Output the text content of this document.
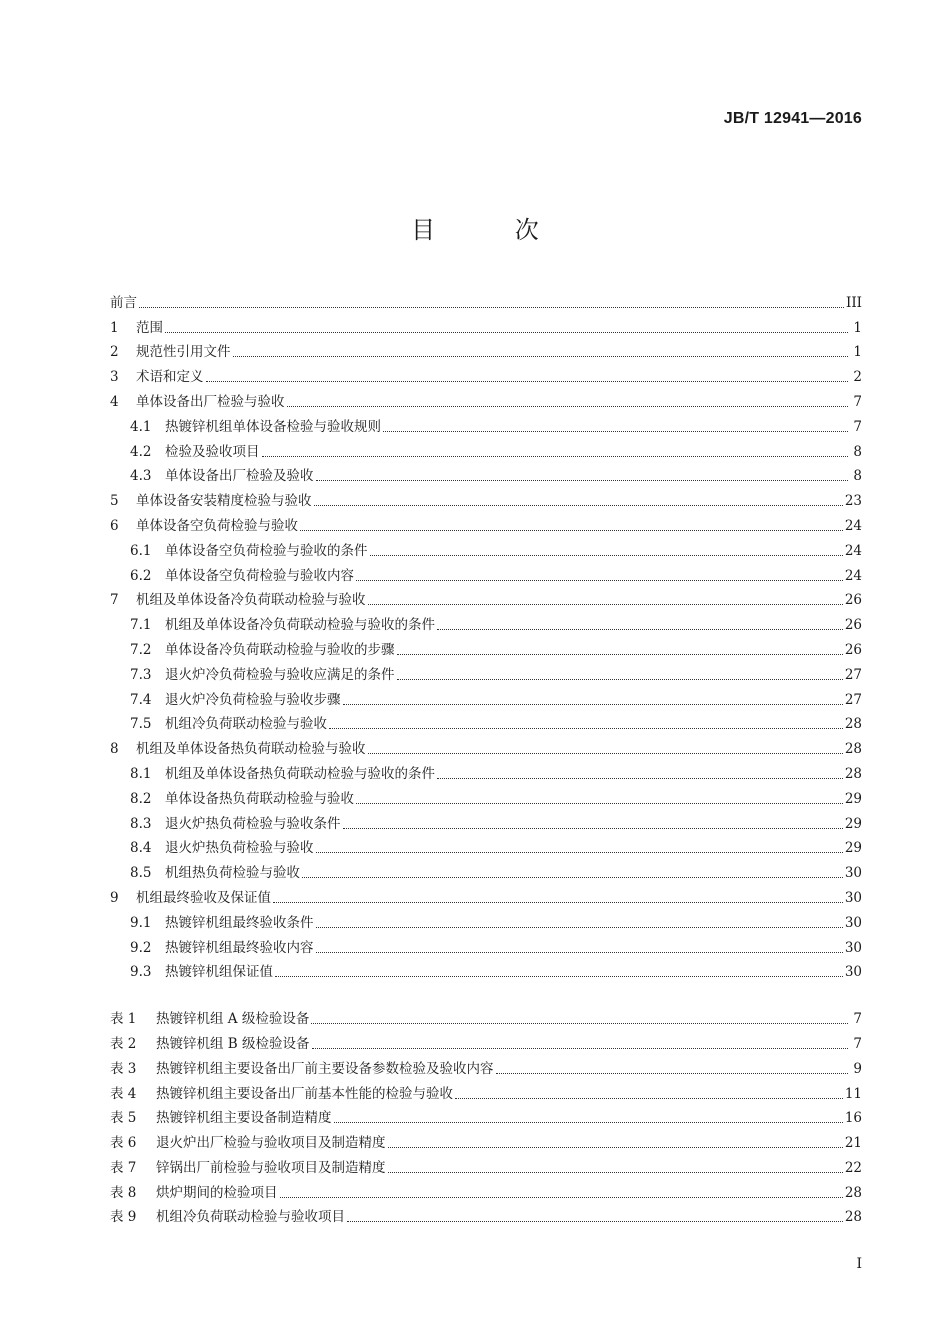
JB/T 12941—2016
目 次
前言	III
1	范围	1
2	规范性引用文件	1
3	术语和定义	2
4	单体设备出厂检验与验收	7
4.1	热镀锌机组单体设备检验与验收规则	7
4.2	检验及验收项目	8
4.3	单体设备出厂检验及验收	8
5	单体设备安装精度检验与验收	23
6	单体设备空负荷检验与验收	24
6.1	单体设备空负荷检验与验收的条件	24
6.2	单体设备空负荷检验与验收内容	24
7	机组及单体设备冷负荷联动检验与验收	26
7.1	机组及单体设备冷负荷联动检验与验收的条件	26
7.2	单体设备冷负荷联动检验与验收的步骤	26
7.3	退火炉冷负荷检验与验收应满足的条件	27
7.4	退火炉冷负荷检验与验收步骤	27
7.5	机组冷负荷联动检验与验收	28
8	机组及单体设备热负荷联动检验与验收	28
8.1	机组及单体设备热负荷联动检验与验收的条件	28
8.2	单体设备热负荷联动检验与验收	29
8.3	退火炉热负荷检验与验收条件	29
8.4	退火炉热负荷检验与验收	29
8.5	机组热负荷检验与验收	30
9	机组最终验收及保证值	30
9.1	热镀锌机组最终验收条件	30
9.2	热镀锌机组最终验收内容	30
9.3	热镀锌机组保证值	30
表 1	热镀锌机组 A 级检验设备	7
表 2	热镀锌机组 B 级检验设备	7
表 3	热镀锌机组主要设备出厂前主要设备参数检验及验收内容	9
表 4	热镀锌机组主要设备出厂前基本性能的检验与验收	11
表 5	热镀锌机组主要设备制造精度	16
表 6	退火炉出厂检验与验收项目及制造精度	21
表 7	锌锅出厂前检验与验收项目及制造精度	22
表 8	烘炉期间的检验项目	28
表 9	机组冷负荷联动检验与验收项目	28
I
